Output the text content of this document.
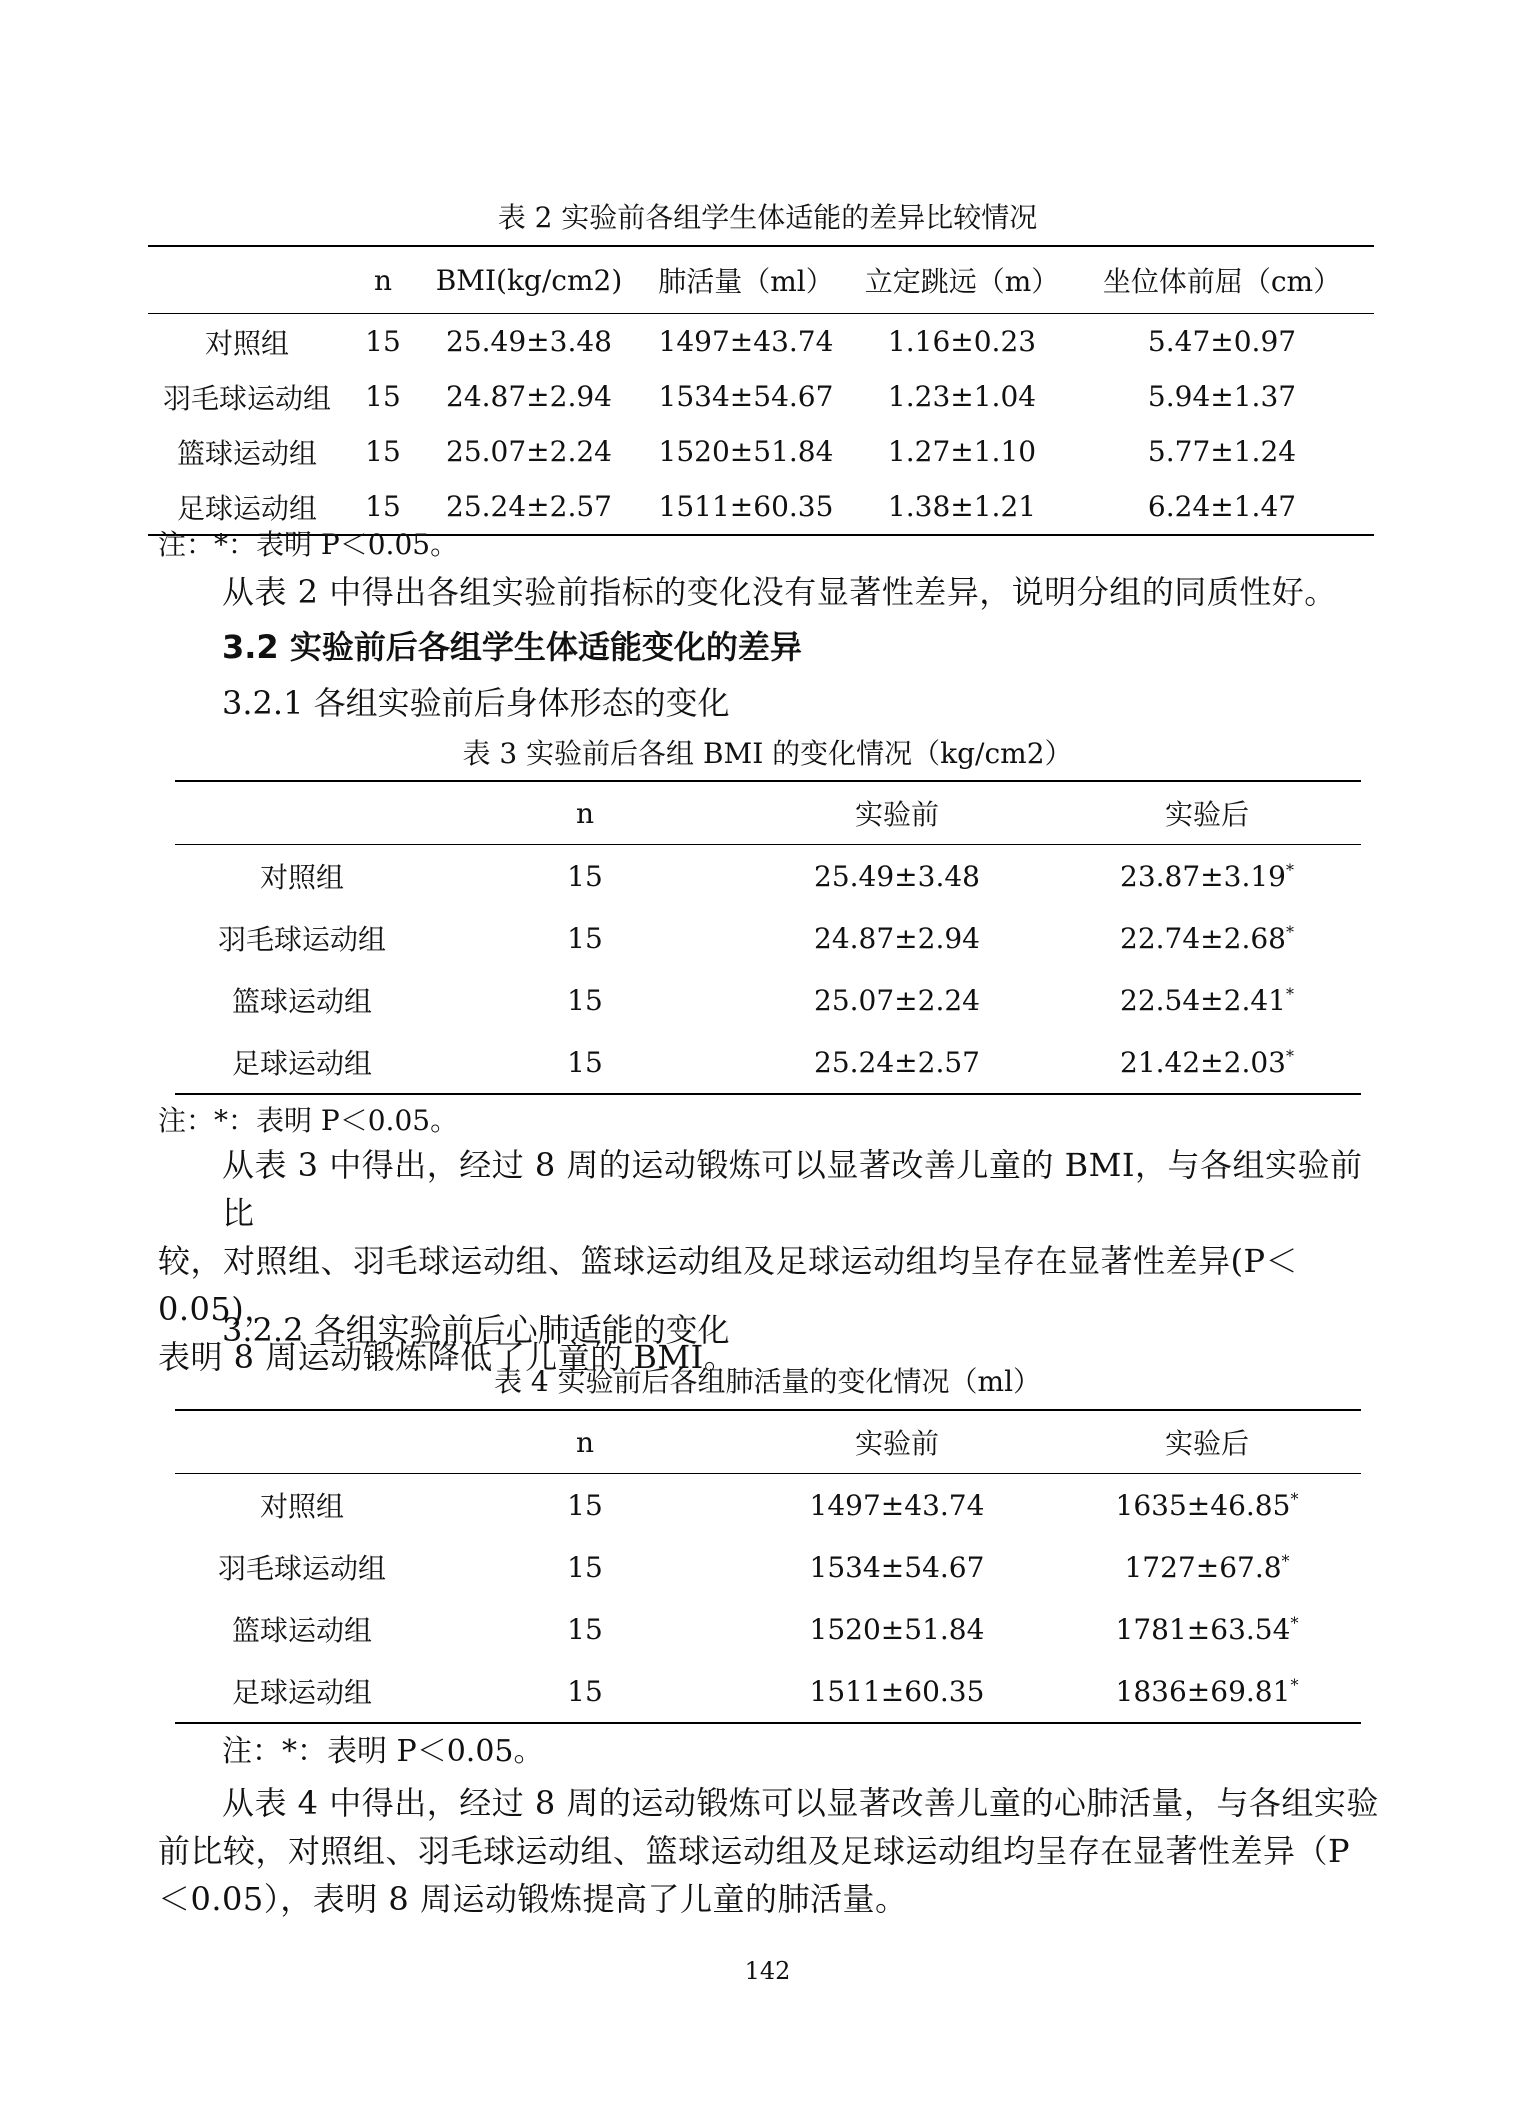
表 2 实验前各组学生体适能的差异比较情况
	n	BMI(kg/cm2)	肺活量（ml）	立定跳远（m）	坐位体前屈（cm）
对照组	15	25.49±3.48	1497±43.74	1.16±0.23	5.47±0.97
羽毛球运动组	15	24.87±2.94	1534±54.67	1.23±1.04	5.94±1.37
篮球运动组	15	25.07±2.24	1520±51.84	1.27±1.10	5.77±1.24
足球运动组	15	25.24±2.57	1511±60.35	1.38±1.21	6.24±1.47
注：*：表明 P＜0.05。
从表 2 中得出各组实验前指标的变化没有显著性差异，说明分组的同质性好。
3.2 实验前后各组学生体适能变化的差异
3.2.1 各组实验前后身体形态的变化
表 3 实验前后各组 BMI 的变化情况（kg/cm2）
	n	实验前	实验后
对照组	15	25.49±3.48	23.87±3.19*
羽毛球运动组	15	24.87±2.94	22.74±2.68*
篮球运动组	15	25.07±2.24	22.54±2.41*
足球运动组	15	25.24±2.57	21.42±2.03*
注：*：表明 P＜0.05。
从表 3 中得出，经过 8 周的运动锻炼可以显著改善儿童的 BMI，与各组实验前比
较，对照组、羽毛球运动组、篮球运动组及足球运动组均呈存在显著性差异(P＜0.05)，
表明 8 周运动锻炼降低了儿童的 BMI。
3.2.2 各组实验前后心肺适能的变化
表 4 实验前后各组肺活量的变化情况（ml）
	n	实验前	实验后
对照组	15	1497±43.74	1635±46.85*
羽毛球运动组	15	1534±54.67	1727±67.8*
篮球运动组	15	1520±51.84	1781±63.54*
足球运动组	15	1511±60.35	1836±69.81*
注：*：表明 P＜0.05。
从表 4 中得出，经过 8 周的运动锻炼可以显著改善儿童的心肺活量，与各组实验
前比较，对照组、羽毛球运动组、篮球运动组及足球运动组均呈存在显著性差异（P
＜0.05），表明 8 周运动锻炼提高了儿童的肺活量。
142
